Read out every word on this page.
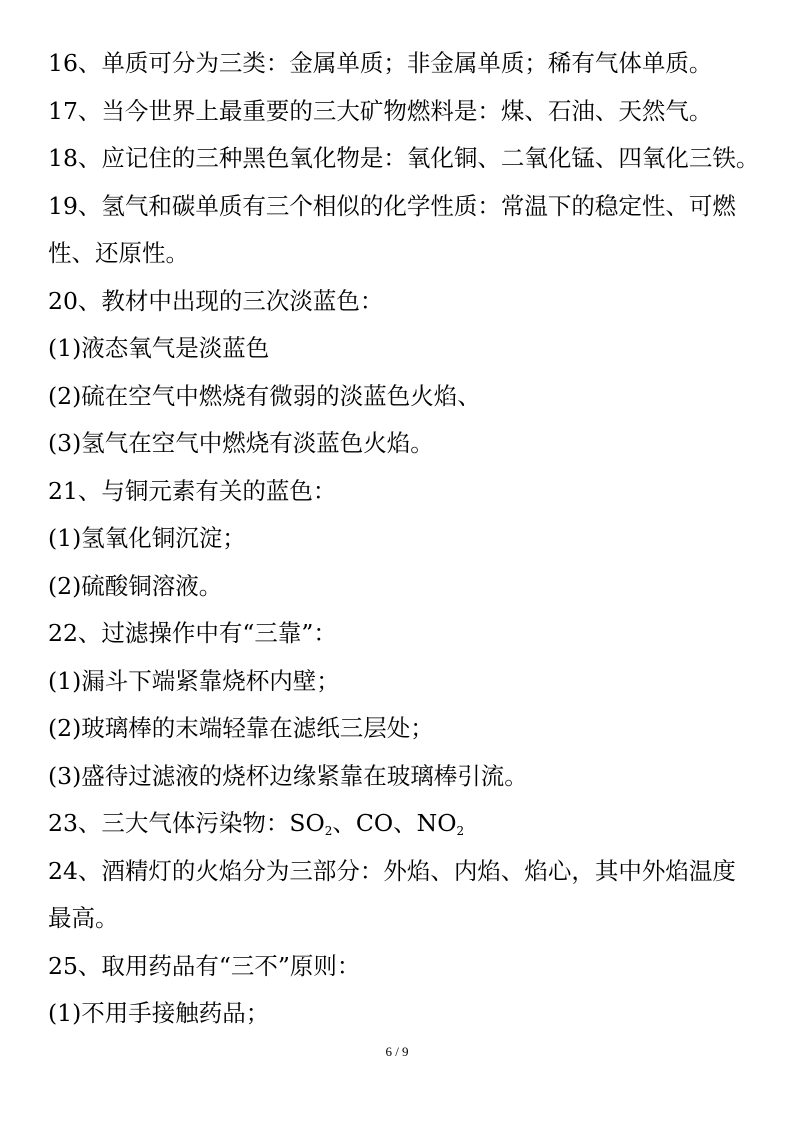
16、单质可分为三类：金属单质；非金属单质；稀有气体单质。
17、当今世界上最重要的三大矿物燃料是：煤、石油、天然气。
18、应记住的三种黑色氧化物是：氧化铜、二氧化锰、四氧化三铁。
19、氢气和碳单质有三个相似的化学性质：常温下的稳定性、可燃
性、还原性。
20、教材中出现的三次淡蓝色：
(1)液态氧气是淡蓝色
(2)硫在空气中燃烧有微弱的淡蓝色火焰、
(3)氢气在空气中燃烧有淡蓝色火焰。
21、与铜元素有关的蓝色：
(1)氢氧化铜沉淀；
(2)硫酸铜溶液。
22、过滤操作中有“三靠”：
(1)漏斗下端紧靠烧杯内壁；
(2)玻璃棒的末端轻靠在滤纸三层处；
(3)盛待过滤液的烧杯边缘紧靠在玻璃棒引流。
23、三大气体污染物：$SO_2$、CO、$NO_2$
24、酒精灯的火焰分为三部分：外焰、内焰、焰心，其中外焰温度
最高。
25、取用药品有“三不”原则：
(1)不用手接触药品；
6 / 9
